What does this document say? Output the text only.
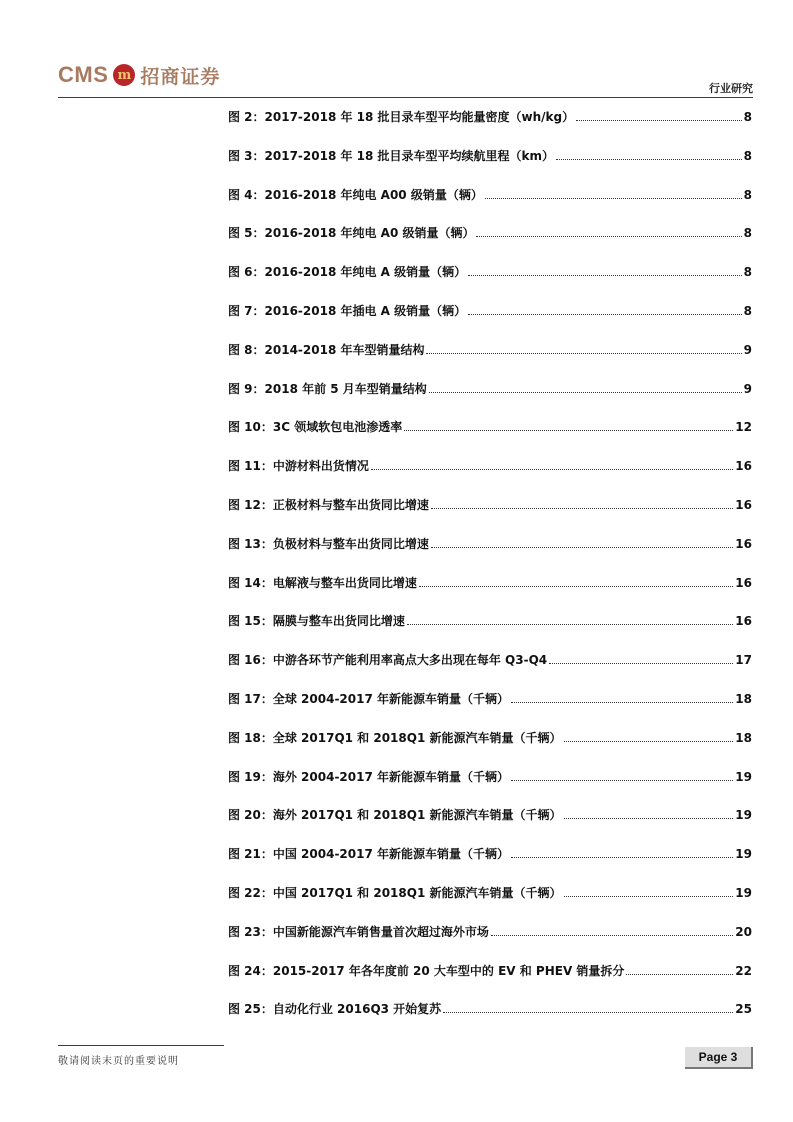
CMS m 招商证券
行业研究
图 2：2017-2018 年 18 批目录车型平均能量密度（wh/kg）	8
图 3：2017-2018 年 18 批目录车型平均续航里程（km）	8
图 4：2016-2018 年纯电 A00 级销量（辆）	8
图 5：2016-2018 年纯电 A0 级销量（辆）	8
图 6：2016-2018 年纯电 A 级销量（辆）	8
图 7：2016-2018 年插电 A 级销量（辆）	8
图 8：2014-2018 年车型销量结构	9
图 9：2018 年前 5 月车型销量结构	9
图 10：3C 领域软包电池渗透率	12
图 11：中游材料出货情况	16
图 12：正极材料与整车出货同比增速	16
图 13：负极材料与整车出货同比增速	16
图 14：电解液与整车出货同比增速	16
图 15：隔膜与整车出货同比增速	16
图 16：中游各环节产能利用率高点大多出现在每年 Q3-Q4	17
图 17：全球 2004-2017 年新能源车销量（千辆）	18
图 18：全球 2017Q1 和 2018Q1 新能源汽车销量（千辆）	18
图 19：海外 2004-2017 年新能源车销量（千辆）	19
图 20：海外 2017Q1 和 2018Q1 新能源汽车销量（千辆）	19
图 21：中国 2004-2017 年新能源车销量（千辆）	19
图 22：中国 2017Q1 和 2018Q1 新能源汽车销量（千辆）	19
图 23：中国新能源汽车销售量首次超过海外市场	20
图 24：2015-2017 年各年度前 20 大车型中的 EV 和 PHEV 销量拆分	22
图 25：自动化行业 2016Q3 开始复苏	25
敬请阅读末页的重要说明	Page 3
